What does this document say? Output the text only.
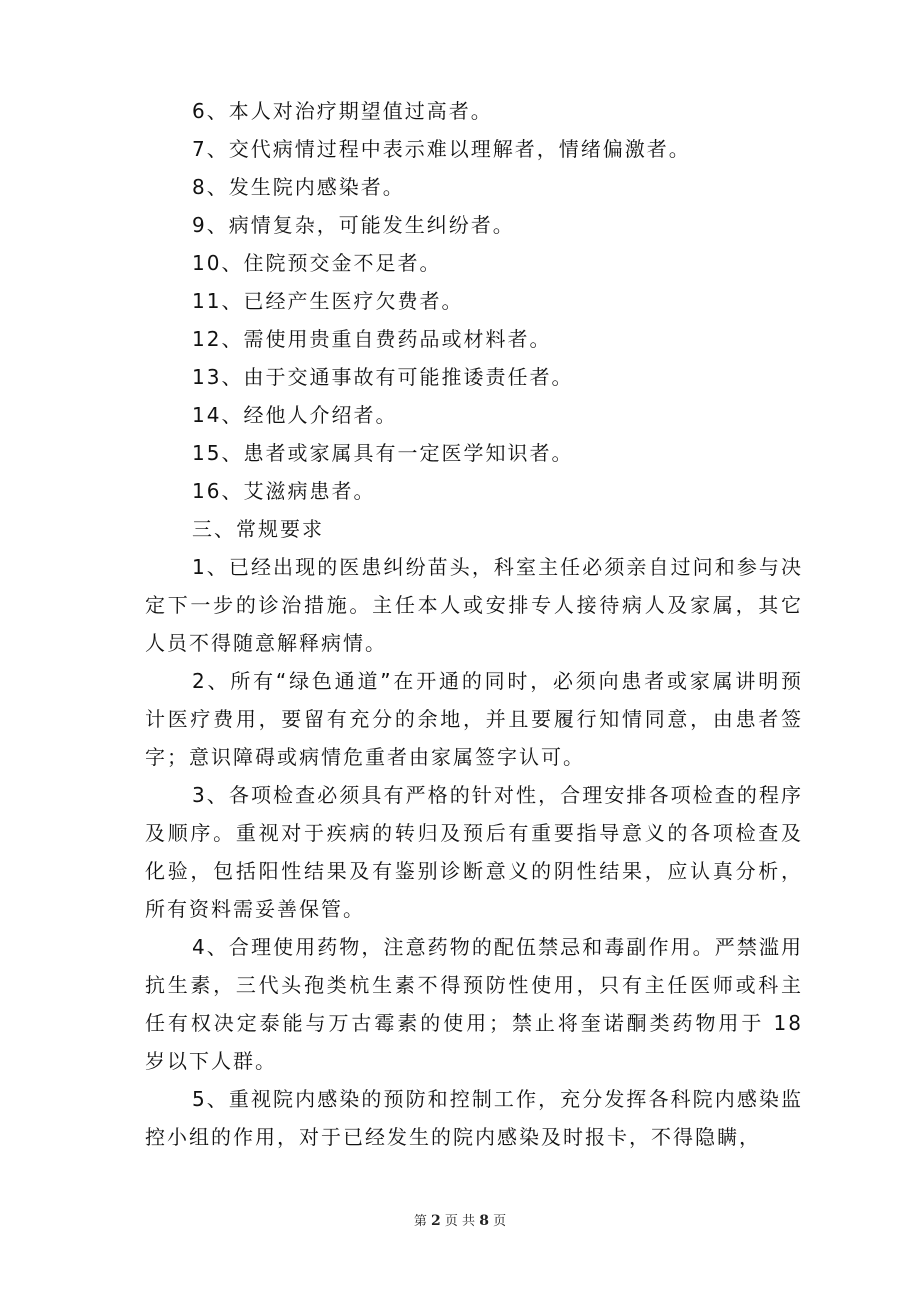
6、本人对治疗期望值过高者。
7、交代病情过程中表示难以理解者，情绪偏激者。
8、发生院内感染者。
9、病情复杂，可能发生纠纷者。
10、住院预交金不足者。
11、已经产生医疗欠费者。
12、需使用贵重自费药品或材料者。
13、由于交通事故有可能推诿责任者。
14、经他人介绍者。
15、患者或家属具有一定医学知识者。
16、艾滋病患者。
三、常规要求

1、已经出现的医患纠纷苗头，科室主任必须亲自过问和参与决定下一步的诊治措施。主任本人或安排专人接待病人及家属，其它人员不得随意解释病情。

2、所有“绿色通道”在开通的同时，必须向患者或家属讲明预计医疗费用，要留有充分的余地，并且要履行知情同意，由患者签字；意识障碍或病情危重者由家属签字认可。

3、各项检查必须具有严格的针对性，合理安排各项检查的程序及顺序。重视对于疾病的转归及预后有重要指导意义的各项检查及化验，包括阳性结果及有鉴别诊断意义的阴性结果，应认真分析，所有资料需妥善保管。

4、合理使用药物，注意药物的配伍禁忌和毒副作用。严禁滥用抗生素，三代头孢类杭生素不得预防性使用，只有主任医师或科主任有权决定泰能与万古霉素的使用；禁止将奎诺酮类药物用于 18 岁以下人群。

5、重视院内感染的预防和控制工作，充分发挥各科院内感染监控小组的作用，对于已经发生的院内感染及时报卡，不得隐瞒，

第 2 页 共 8 页
